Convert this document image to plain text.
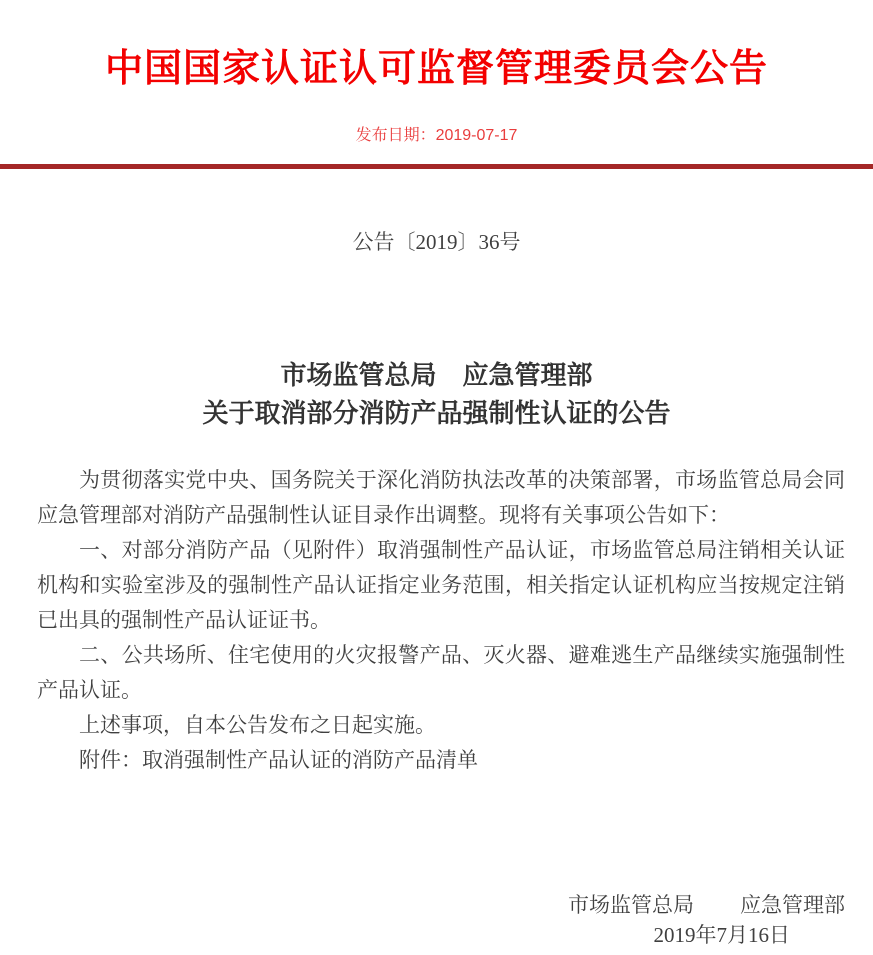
中国国家认证认可监督管理委员会公告
发布日期：2019-07-17
公告〔2019〕36号
市场监管总局　应急管理部
关于取消部分消防产品强制性认证的公告

为贯彻落实党中央、国务院关于深化消防执法改革的决策部署，市场监管总局会同应急管理部对消防产品强制性认证目录作出调整。现将有关事项公告如下：

一、对部分消防产品（见附件）取消强制性产品认证，市场监管总局注销相关认证机构和实验室涉及的强制性产品认证指定业务范围，相关指定认证机构应当按规定注销已出具的强制性产品认证证书。

二、公共场所、住宅使用的火灾报警产品、灭火器、避难逃生产品继续实施强制性产品认证。

上述事项，自本公告发布之日起实施。

附件：取消强制性产品认证的消防产品清单

市场监管总局 应急管理部
2019年7月16日
